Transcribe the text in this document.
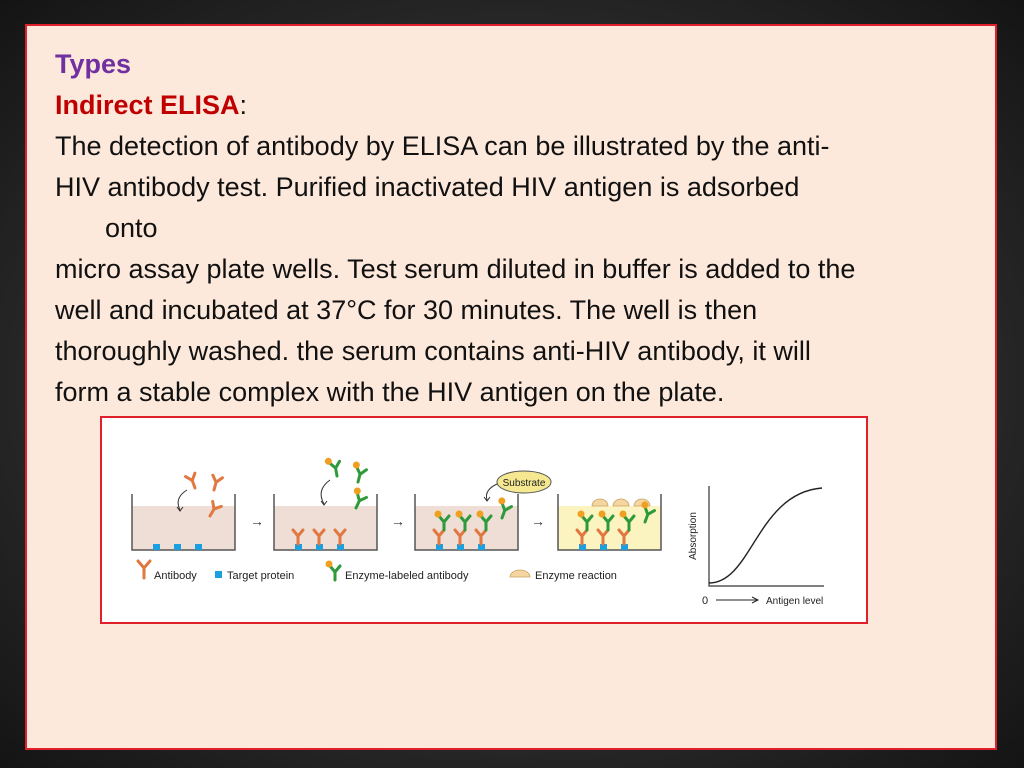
Types
Indirect ELISA:
The detection of antibody by ELISA can be illustrated by the anti-
HIV antibody test. Purified inactivated HIV antigen is adsorbed
onto
micro assay plate wells. Test serum diluted in buffer is added to the
well and incubated at 37°C for 30 minutes. The well is then
thoroughly washed. the serum contains anti-HIV antibody, it will
form a stable complex with the HIV antigen on the plate.
→	→
Substrate
→
Antibody	Target protein	Enzyme-labeled antibody	Enzyme reaction
Absorption
0	Antigen level
